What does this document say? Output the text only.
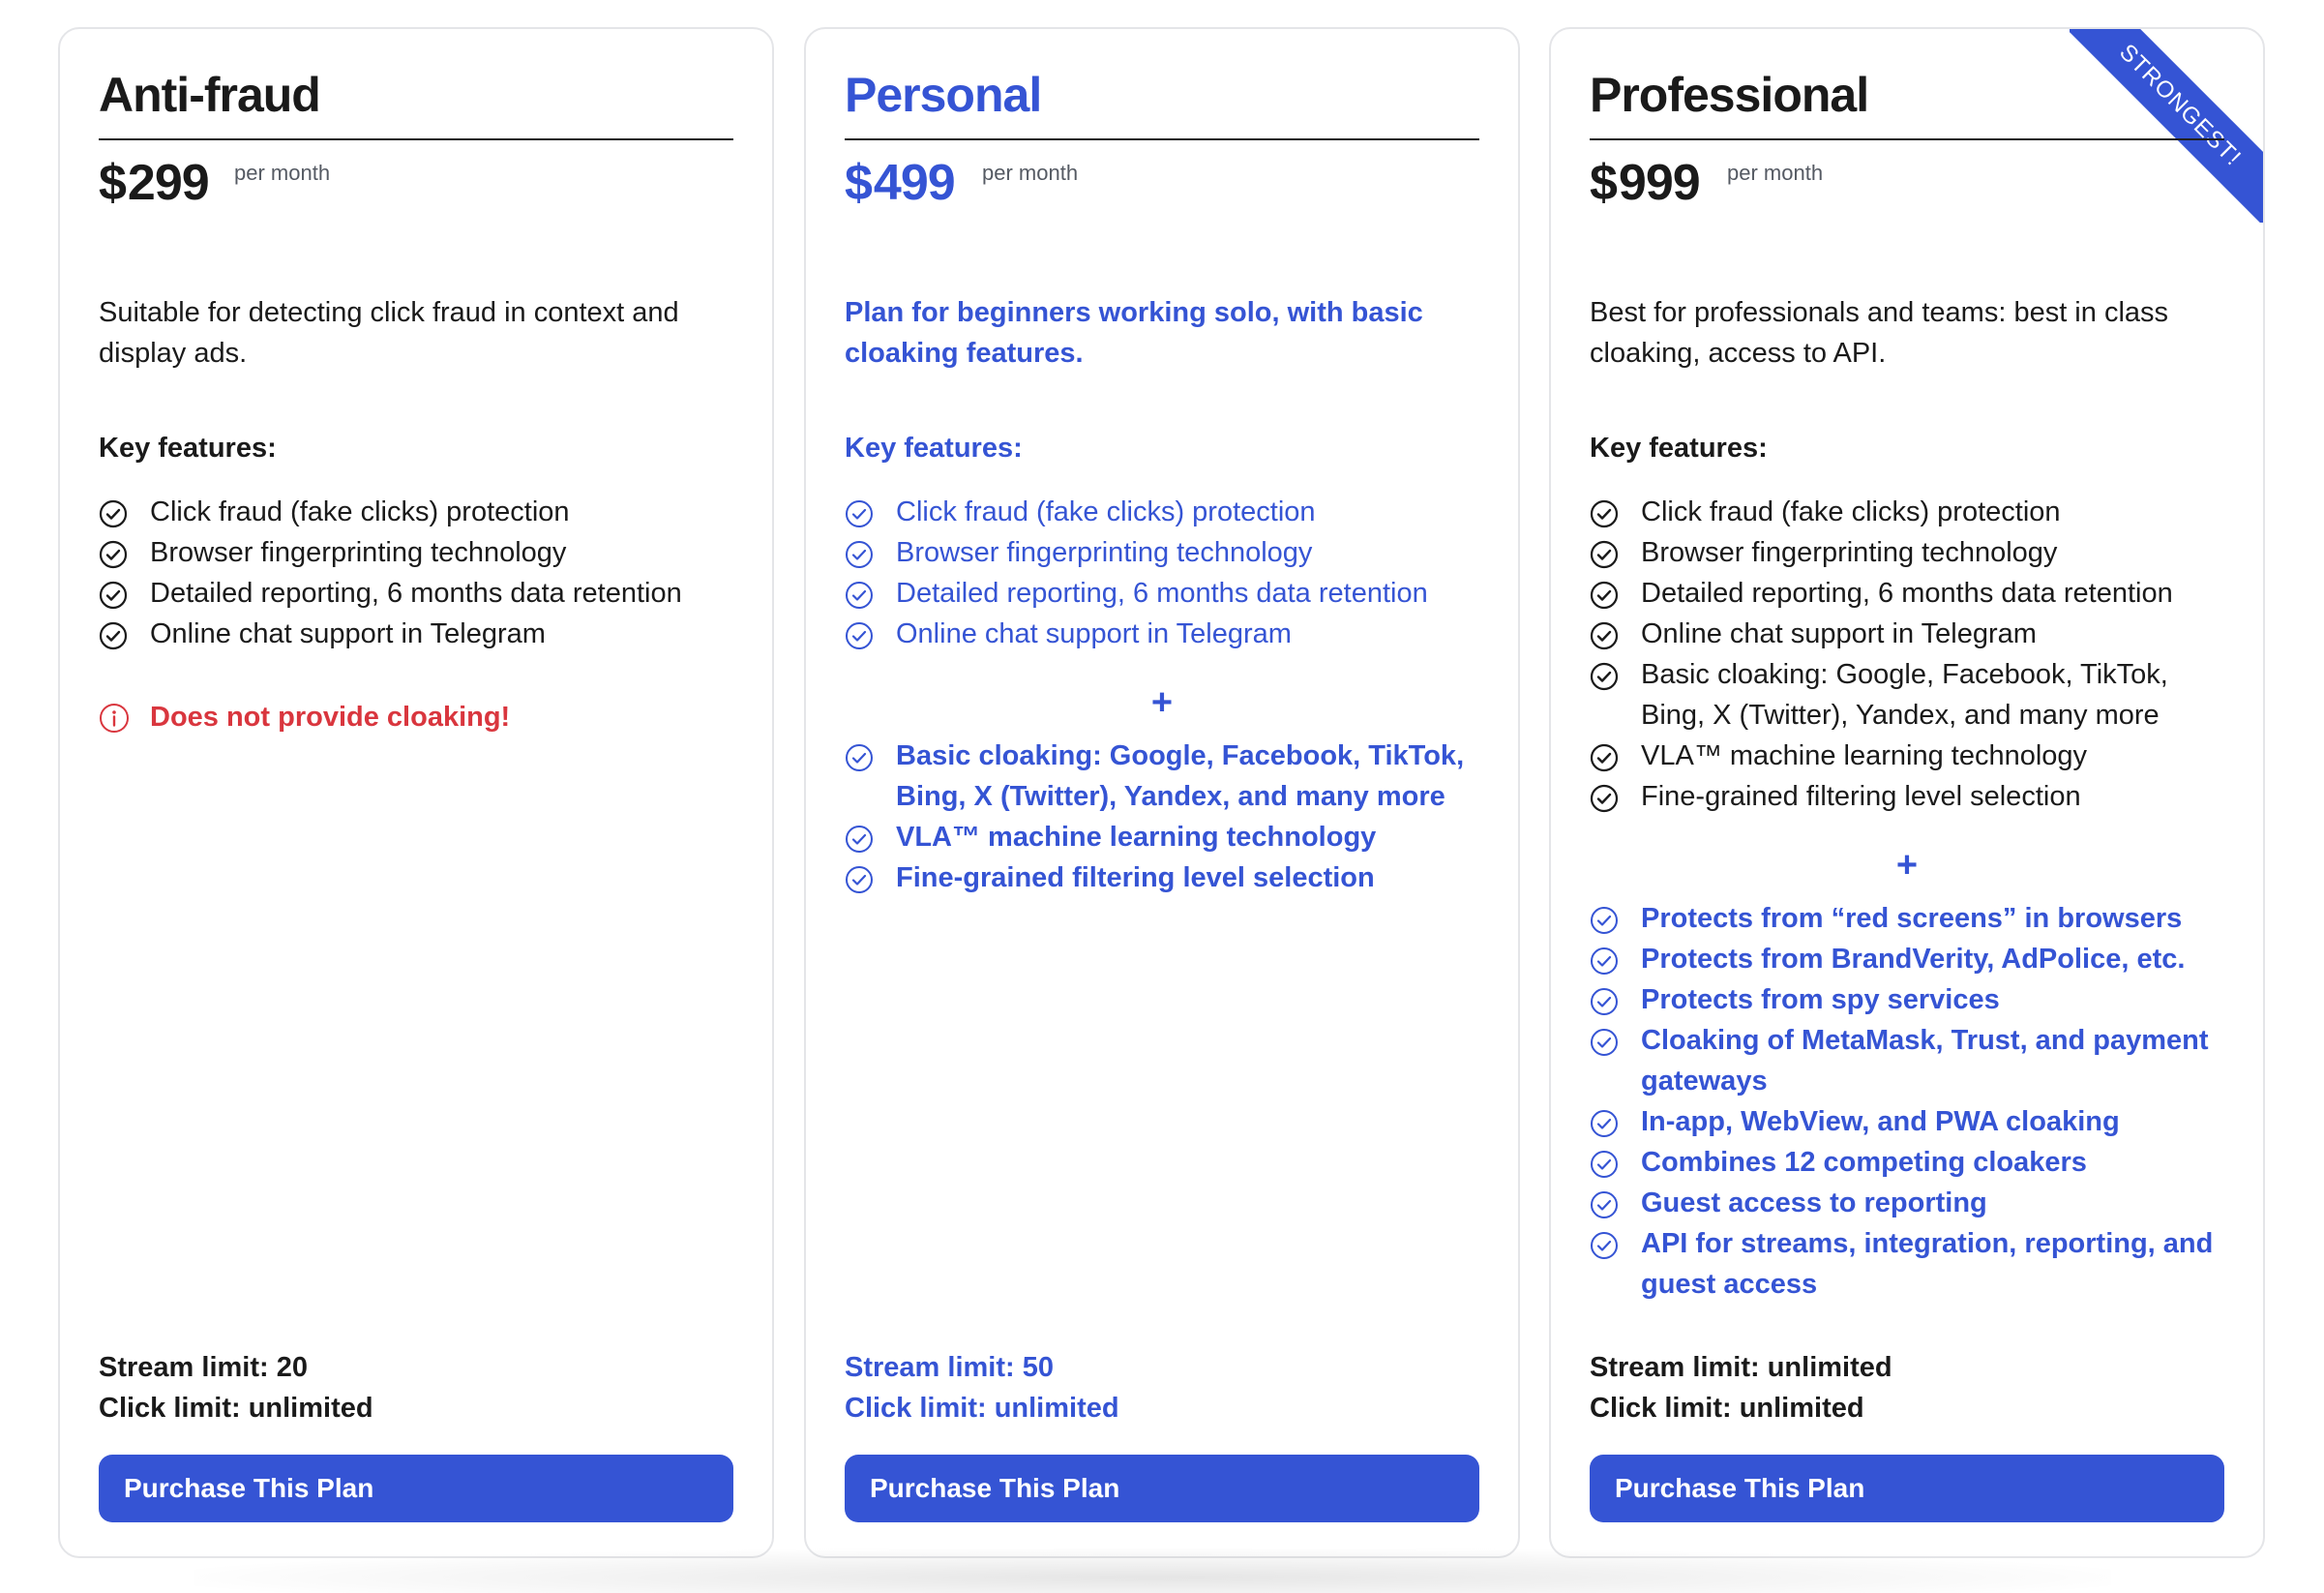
Anti-fraud
$299 per month
Suitable for detecting click fraud in context and display ads.
Key features:
Click fraud (fake clicks) protection
Browser fingerprinting technology
Detailed reporting, 6 months data retention
Online chat support in Telegram
Does not provide cloaking!
Stream limit: 20
Click limit: unlimited
Purchase This Plan
Personal
$499 per month
Plan for beginners working solo, with basic cloaking features.
Key features:
Click fraud (fake clicks) protection
Browser fingerprinting technology
Detailed reporting, 6 months data retention
Online chat support in Telegram
+
Basic cloaking: Google, Facebook, TikTok, Bing, X (Twitter), Yandex, and many more
VLA™ machine learning technology
Fine-grained filtering level selection
Stream limit: 50
Click limit: unlimited
Purchase This Plan
STRONGEST!
Professional
$999 per month
Best for professionals and teams: best in class cloaking, access to API.
Key features:
Click fraud (fake clicks) protection
Browser fingerprinting technology
Detailed reporting, 6 months data retention
Online chat support in Telegram
Basic cloaking: Google, Facebook, TikTok, Bing, X (Twitter), Yandex, and many more
VLA™ machine learning technology
Fine-grained filtering level selection
+
Protects from “red screens” in browsers
Protects from BrandVerity, AdPolice, etc.
Protects from spy services
Cloaking of MetaMask, Trust, and payment gateways
In-app, WebView, and PWA cloaking
Combines 12 competing cloakers
Guest access to reporting
API for streams, integration, reporting, and guest access
Stream limit: unlimited
Click limit: unlimited
Purchase This Plan
